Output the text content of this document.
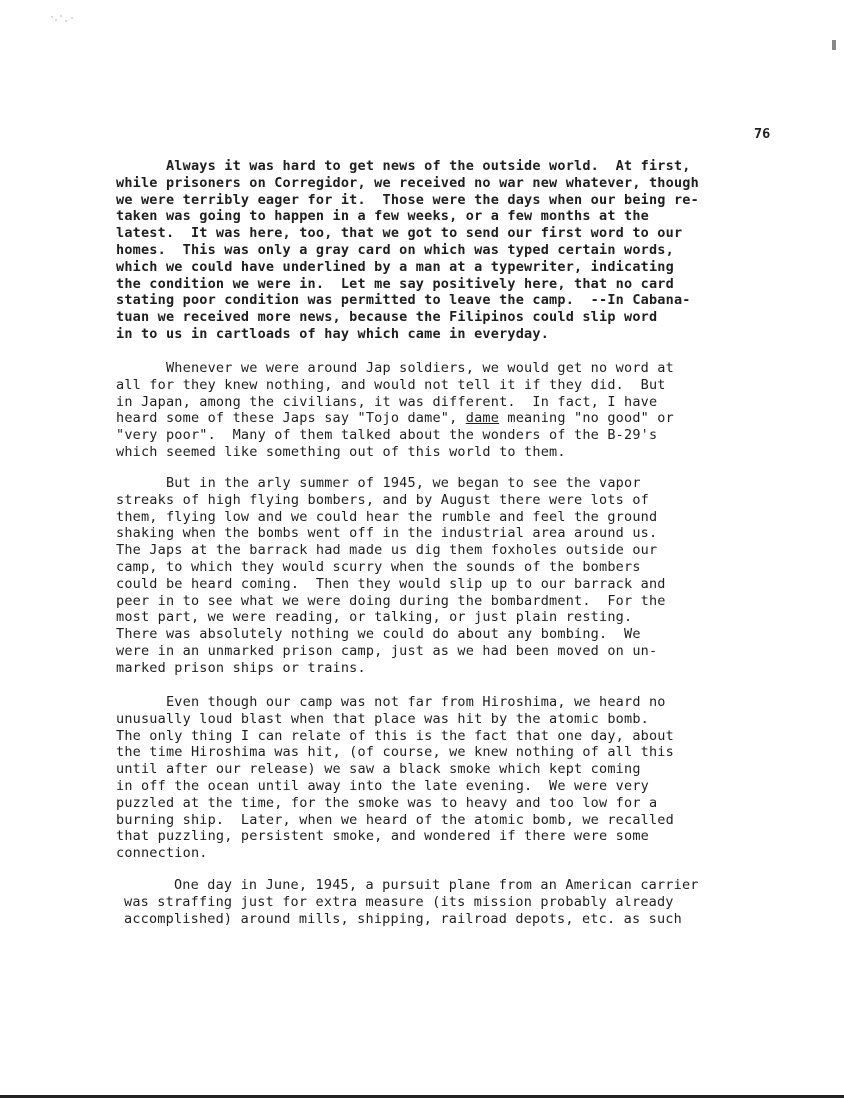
76
Always it was hard to get news of the outside world.  At first,
while prisoners on Corregidor, we received no war new whatever, though
we were terribly eager for it.  Those were the days when our being re-
taken was going to happen in a few weeks, or a few months at the
latest.  It was here, too, that we got to send our first word to our
homes.  This was only a gray card on which was typed certain words,
which we could have underlined by a man at a typewriter, indicating
the condition we were in.  Let me say positively here, that no card
stating poor condition was permitted to leave the camp.  --In Cabana-
tuan we received more news, because the Filipinos could slip word
in to us in cartloads of hay which came in everyday.
Whenever we were around Jap soldiers, we would get no word at
all for they knew nothing, and would not tell it if they did.  But
in Japan, among the civilians, it was different.  In fact, I have
heard some of these Japs say "Tojo dame", dame meaning "no good" or
"very poor".  Many of them talked about the wonders of the B-29's
which seemed like something out of this world to them.
But in the arly summer of 1945, we began to see the vapor
streaks of high flying bombers, and by August there were lots of
them, flying low and we could hear the rumble and feel the ground
shaking when the bombs went off in the industrial area around us.
The Japs at the barrack had made us dig them foxholes outside our
camp, to which they would scurry when the sounds of the bombers
could be heard coming.  Then they would slip up to our barrack and
peer in to see what we were doing during the bombardment.  For the
most part, we were reading, or talking, or just plain resting.
There was absolutely nothing we could do about any bombing.  We
were in an unmarked prison camp, just as we had been moved on un-
marked prison ships or trains.
Even though our camp was not far from Hiroshima, we heard no
unusually loud blast when that place was hit by the atomic bomb.
The only thing I can relate of this is the fact that one day, about
the time Hiroshima was hit, (of course, we knew nothing of all this
until after our release) we saw a black smoke which kept coming
in off the ocean until away into the late evening.  We were very
puzzled at the time, for the smoke was to heavy and too low for a
burning ship.  Later, when we heard of the atomic bomb, we recalled
that puzzling, persistent smoke, and wondered if there were some
connection.
One day in June, 1945, a pursuit plane from an American carrier
was straffing just for extra measure (its mission probably already
accomplished) around mills, shipping, railroad depots, etc. as such
